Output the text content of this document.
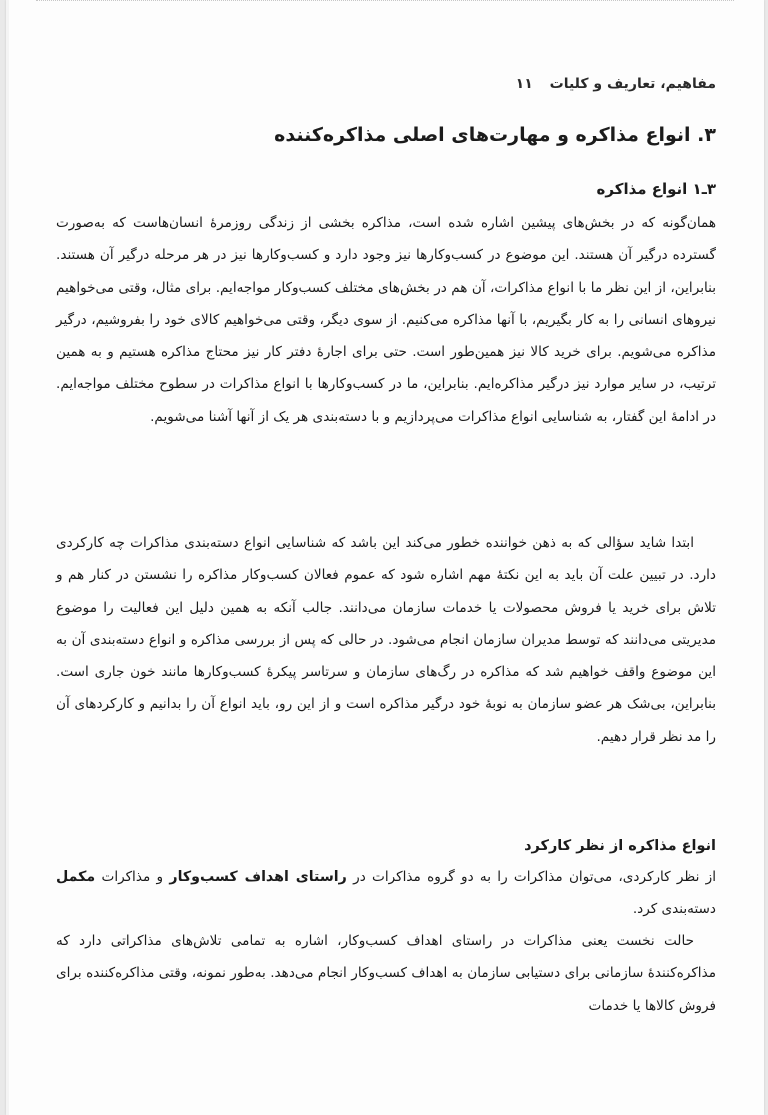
مفاهیم، تعاریف و کلیات ۱۱
۳. انواع مذاکره و مهارت‌های اصلی مذاکره‌کننده
۳ـ۱ انواع مذاکره

همان‌گونه که در بخش‌های پیشین اشاره شده است، مذاکره بخشی از زندگی روزمرهٔ انسان‌هاست که به‌صورت گسترده درگیر آن هستند. این موضوع در کسب‌وکارها نیز وجود دارد و کسب‌وکارها نیز در هر مرحله درگیر آن هستند. بنابراین، از این نظر ما با انواع مذاکرات، آن هم در بخش‌های مختلف کسب‌وکار مواجه‌ایم. برای مثال، وقتی می‌خواهیم نیروهای انسانی را به کار بگیریم، با آنها مذاکره می‌کنیم. از سوی دیگر، وقتی می‌خواهیم کالای خود را بفروشیم، درگیر مذاکره می‌شویم. برای خرید کالا نیز همین‌طور است. حتی برای اجارهٔ دفتر کار نیز محتاج مذاکره هستیم و به همین ترتیب، در سایر موارد نیز درگیر مذاکره‌ایم. بنابراین، ما در کسب‌وکارها با انواع مذاکرات در سطوح مختلف مواجه‌ایم. در ادامهٔ این گفتار، به شناسایی انواع مذاکرات می‌پردازیم و با دسته‌بندی هر یک از آنها آشنا می‌شویم.

ابتدا شاید سؤالی که به ذهن خواننده خطور می‌کند این باشد که شناسایی انواع دسته‌بندی مذاکرات چه کارکردی دارد. در تبیین علت آن باید به این نکتهٔ مهم اشاره شود که عموم فعالان کسب‌وکار مذاکره را نشستن در کنار هم و تلاش برای خرید یا فروش محصولات یا خدمات سازمان می‌دانند. جالب آنکه به همین دلیل این فعالیت را موضوع مدیریتی می‌دانند که توسط مدیران سازمان انجام می‌شود. در حالی که پس از بررسی مذاکره و انواع دسته‌بندی آن به این موضوع واقف خواهیم شد که مذاکره در رگ‌های سازمان و سرتاسر پیکرهٔ کسب‌وکارها مانند خون جاری است. بنابراین، بی‌شک هر عضو سازمان به نوبهٔ خود درگیر مذاکره است و از این رو، باید انواع آن را بدانیم و کارکردهای آن را مد نظر قرار دهیم.

انواع مذاکره از نظر کارکرد

از نظر کارکردی، می‌توان مذاکرات را به دو گروه مذاکرات در راستای اهداف کسب‌وکار و مذاکرات مکمل دسته‌بندی کرد.

حالت نخست یعنی مذاکرات در راستای اهداف کسب‌وکار، اشاره به تمامی تلاش‌های مذاکراتی دارد که مذاکره‌کنندهٔ سازمانی برای دستیابی سازمان به اهداف کسب‌وکار انجام می‌دهد. به‌طور نمونه، وقتی مذاکره‌کننده برای فروش کالاها یا خدمات
